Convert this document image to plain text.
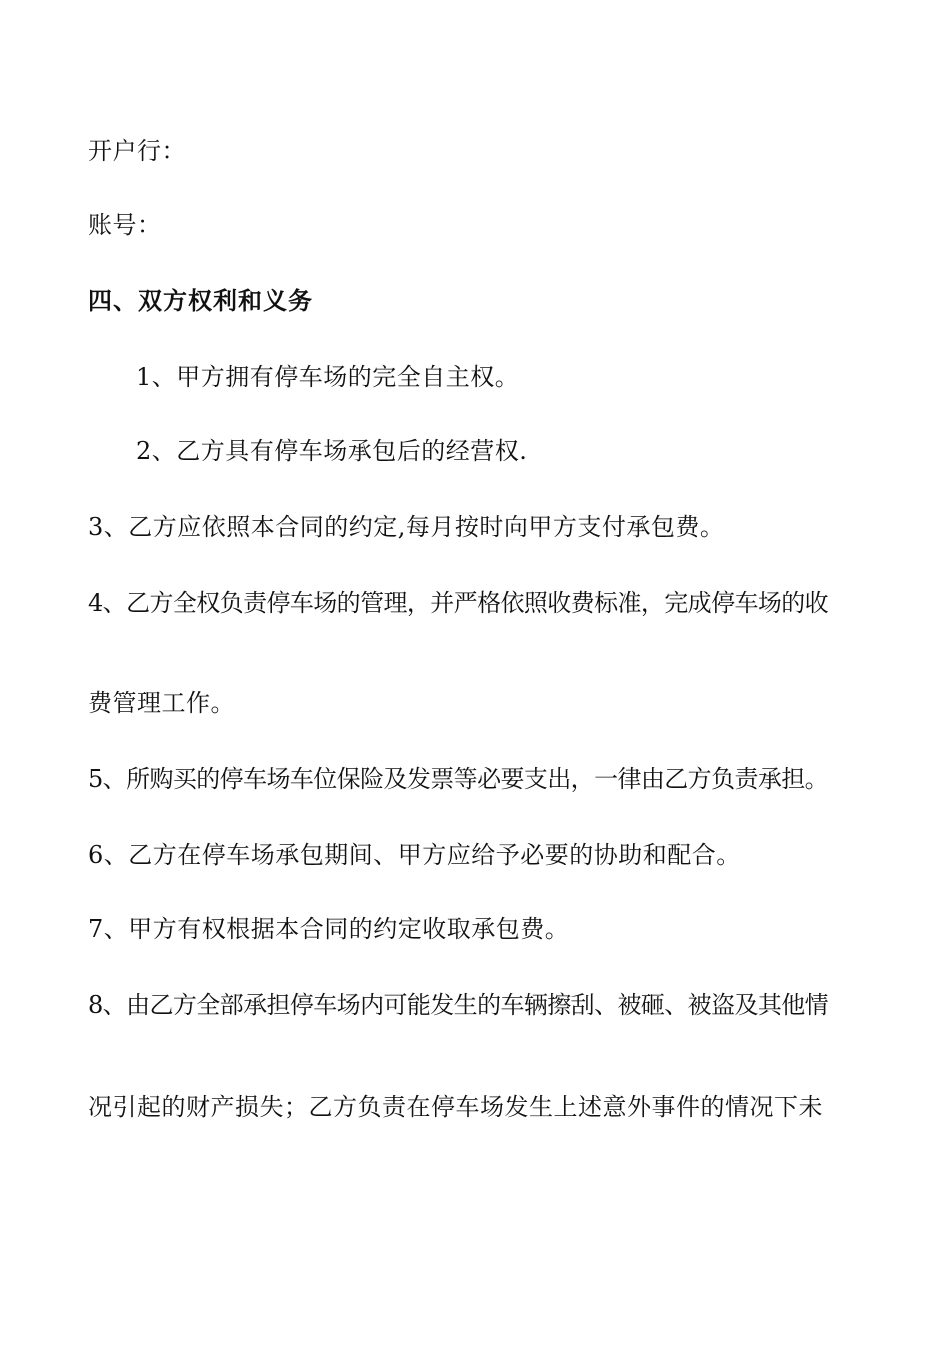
开户行：
账号：
四、双方权利和义务
1、甲方拥有停车场的完全自主权。
2、乙方具有停车场承包后的经营权.
3、乙方应依照本合同的约定,每月按时向甲方支付承包费。
4、乙方全权负责停车场的管理，并严格依照收费标准，完成停车场的收
费管理工作。
5、所购买的停车场车位保险及发票等必要支出，一律由乙方负责承担。
6、乙方在停车场承包期间、甲方应给予必要的协助和配合。
7、甲方有权根据本合同的约定收取承包费。
8、由乙方全部承担停车场内可能发生的车辆擦刮、被砸、被盗及其他情
况引起的财产损失；乙方负责在停车场发生上述意外事件的情况下未
